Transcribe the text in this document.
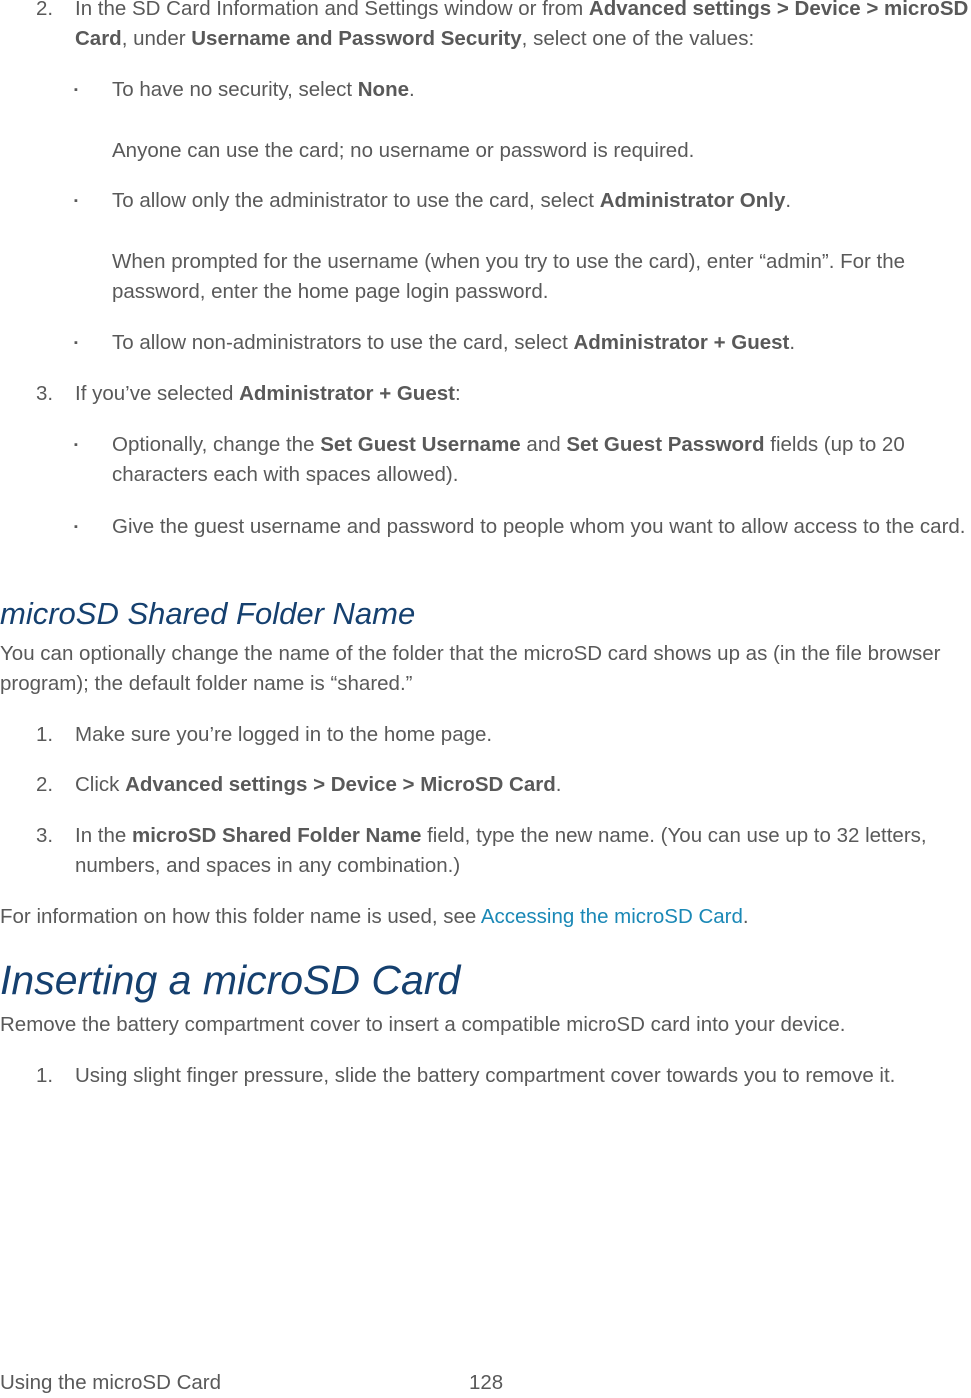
2. In the SD Card Information and Settings window or from Advanced settings > Device > microSD Card, under Username and Password Security, select one of the values:
▪ To have no security, select None.
Anyone can use the card; no username or password is required.
▪ To allow only the administrator to use the card, select Administrator Only.
When prompted for the username (when you try to use the card), enter “admin”. For the password, enter the home page login password.
▪ To allow non-administrators to use the card, select Administrator + Guest.
3. If you’ve selected Administrator + Guest:
▪ Optionally, change the Set Guest Username and Set Guest Password fields (up to 20 characters each with spaces allowed).
▪ Give the guest username and password to people whom you want to allow access to the card.
microSD Shared Folder Name
You can optionally change the name of the folder that the microSD card shows up as (in the file browser program); the default folder name is “shared.”
1. Make sure you’re logged in to the home page.
2. Click Advanced settings > Device > MicroSD Card.
3. In the microSD Shared Folder Name field, type the new name. (You can use up to 32 letters, numbers, and spaces in any combination.)
For information on how this folder name is used, see Accessing the microSD Card.
Inserting a microSD Card
Remove the battery compartment cover to insert a compatible microSD card into your device.
1. Using slight finger pressure, slide the battery compartment cover towards you to remove it.
Using the microSD Card	128
